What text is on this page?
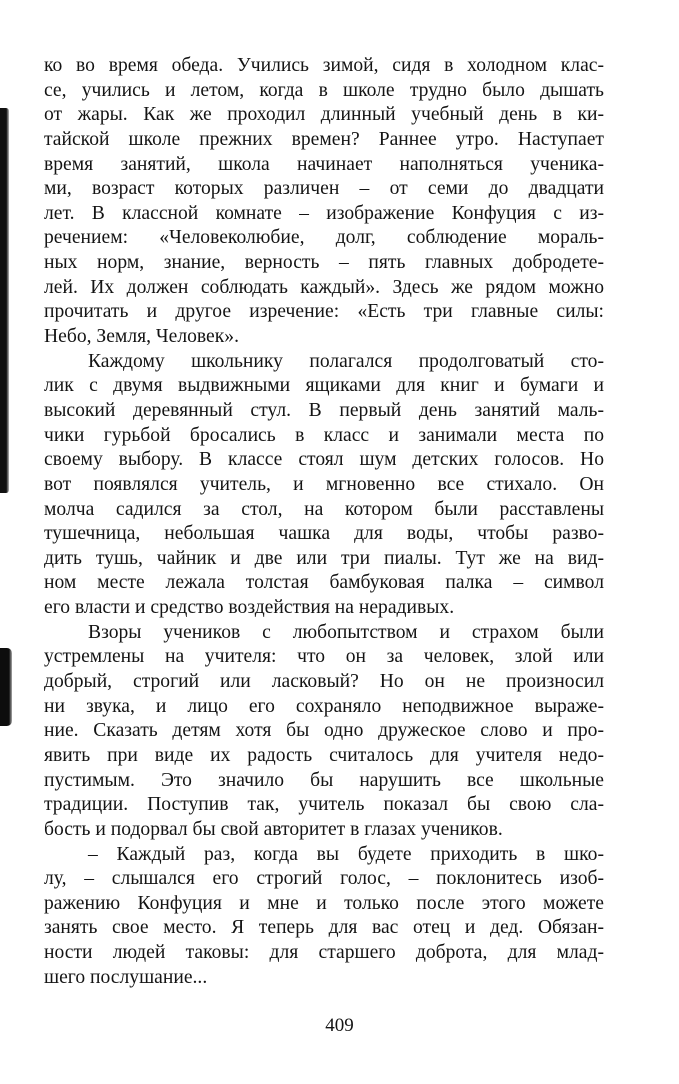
ко во время обеда. Учились зимой, сидя в холодном клас-
се, учились и летом, когда в школе трудно было дышать
от жары. Как же проходил длинный учебный день в ки-
тайской школе прежних времен? Раннее утро. Наступает
время занятий, школа начинает наполняться ученика-
ми, возраст которых различен – от семи до двадцати
лет. В классной комнате – изображение Конфуция с из-
речением: «Человеколюбие, долг, соблюдение мораль-
ных норм, знание, верность – пять главных добродете-
лей. Их должен соблюдать каждый». Здесь же рядом можно
прочитать и другое изречение: «Есть три главные силы:
Небо, Земля, Человек».
Каждому школьнику полагался продолговатый сто-
лик с двумя выдвижными ящиками для книг и бумаги и
высокий деревянный стул. В первый день занятий маль-
чики гурьбой бросались в класс и занимали места по
своему выбору. В классе стоял шум детских голосов. Но
вот появлялся учитель, и мгновенно все стихало. Он
молча садился за стол, на котором были расставлены
тушечница, небольшая чашка для воды, чтобы разво-
дить тушь, чайник и две или три пиалы. Тут же на вид-
ном месте лежала толстая бамбуковая палка – символ
его власти и средство воздействия на нерадивых.
Взоры учеников с любопытством и страхом были
устремлены на учителя: что он за человек, злой или
добрый, строгий или ласковый? Но он не произносил
ни звука, и лицо его сохраняло неподвижное выраже-
ние. Сказать детям хотя бы одно дружеское слово и про-
явить при виде их радость считалось для учителя недо-
пустимым. Это значило бы нарушить все школьные
традиции. Поступив так, учитель показал бы свою сла-
бость и подорвал бы свой авторитет в глазах учеников.
– Каждый раз, когда вы будете приходить в шко-
лу, – слышался его строгий голос, – поклонитесь изоб-
ражению Конфуция и мне и только после этого можете
занять свое место. Я теперь для вас отец и дед. Обязан-
ности людей таковы: для старшего доброта, для млад-
шего послушание...
409
